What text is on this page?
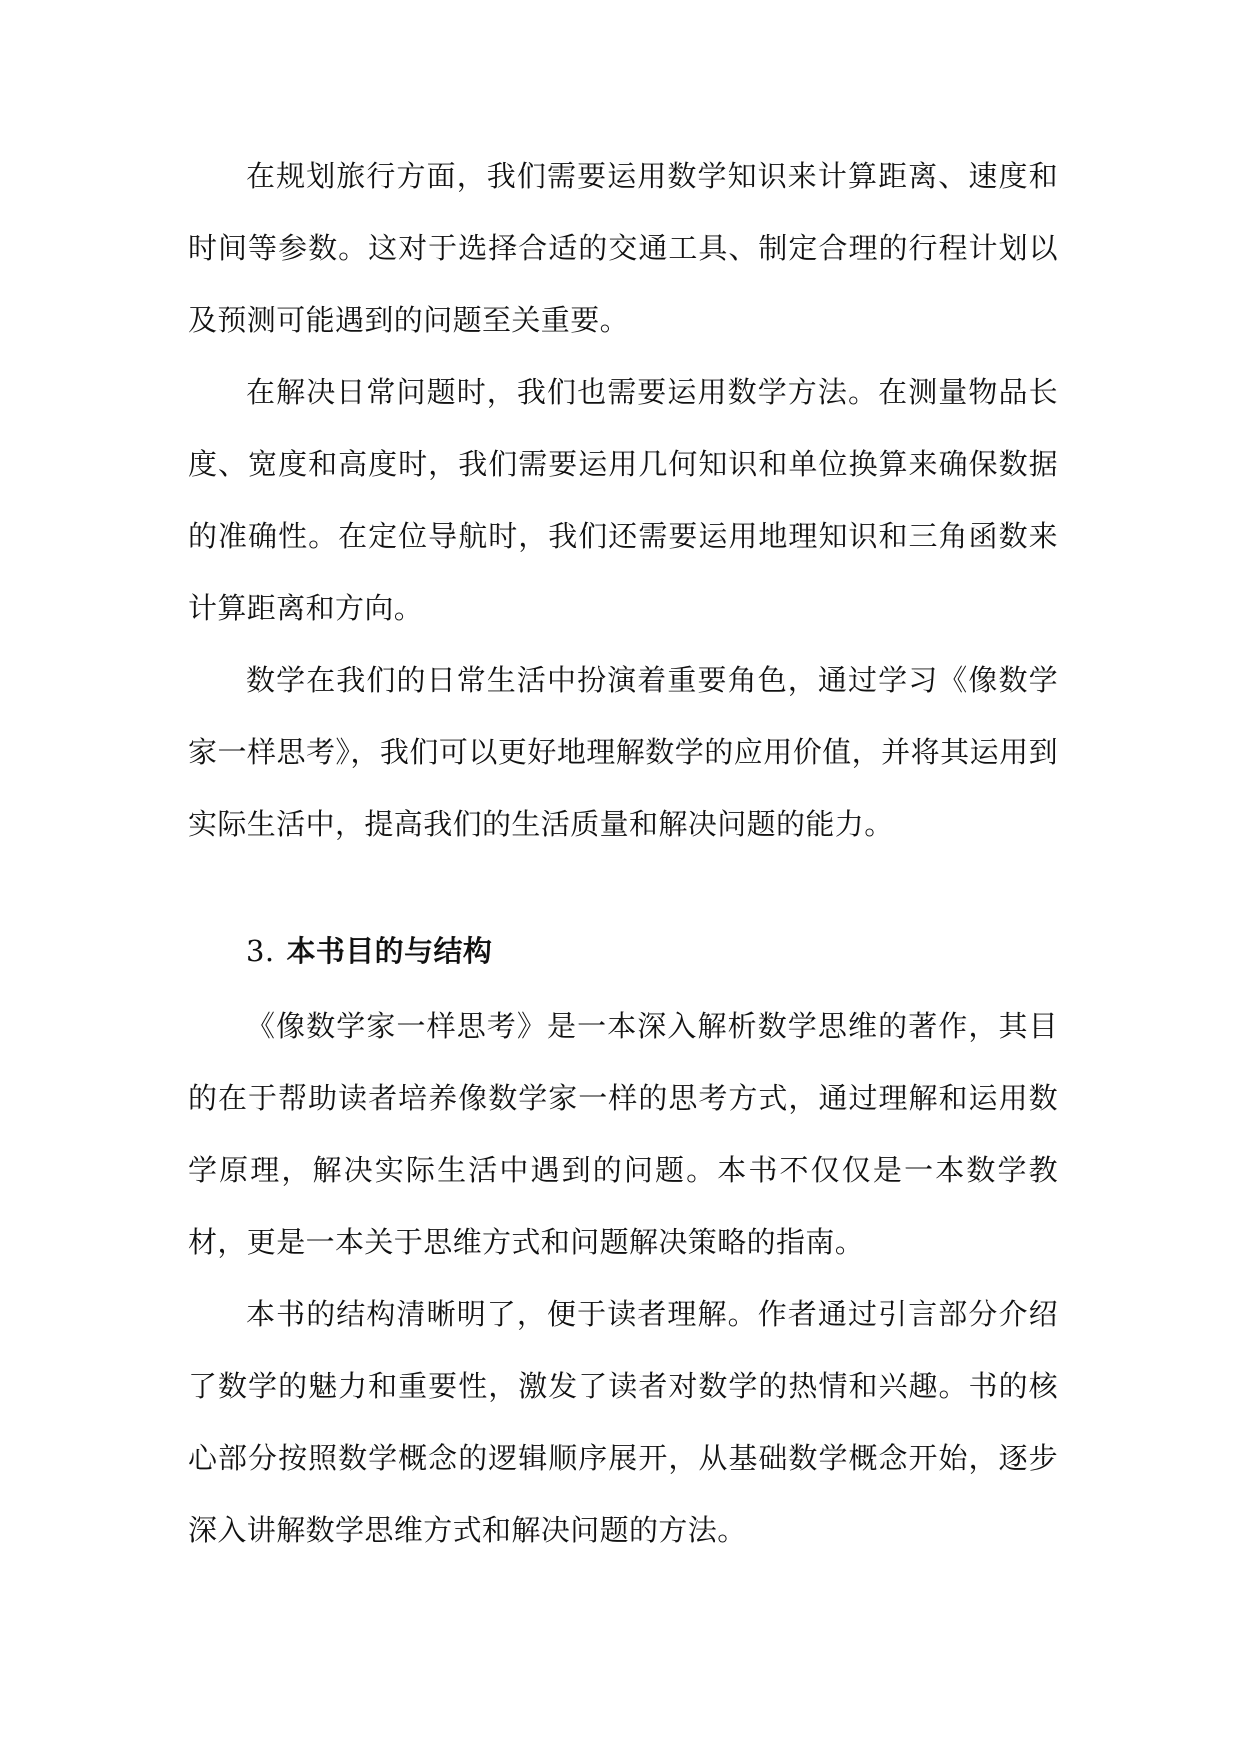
在规划旅行方面，我们需要运用数学知识来计算距离、速度和时间等参数。这对于选择合适的交通工具、制定合理的行程计划以及预测可能遇到的问题至关重要。

在解决日常问题时，我们也需要运用数学方法。在测量物品长度、宽度和高度时，我们需要运用几何知识和单位换算来确保数据的准确性。在定位导航时，我们还需要运用地理知识和三角函数来计算距离和方向。

数学在我们的日常生活中扮演着重要角色，通过学习《像数学家一样思考》，我们可以更好地理解数学的应用价值，并将其运用到实际生活中，提高我们的生活质量和解决问题的能力。

3. 本书目的与结构

《像数学家一样思考》是一本深入解析数学思维的著作，其目的在于帮助读者培养像数学家一样的思考方式，通过理解和运用数学原理，解决实际生活中遇到的问题。本书不仅仅是一本数学教材，更是一本关于思维方式和问题解决策略的指南。

本书的结构清晰明了，便于读者理解。作者通过引言部分介绍了数学的魅力和重要性，激发了读者对数学的热情和兴趣。书的核心部分按照数学概念的逻辑顺序展开，从基础数学概念开始，逐步深入讲解数学思维方式和解决问题的方法。
